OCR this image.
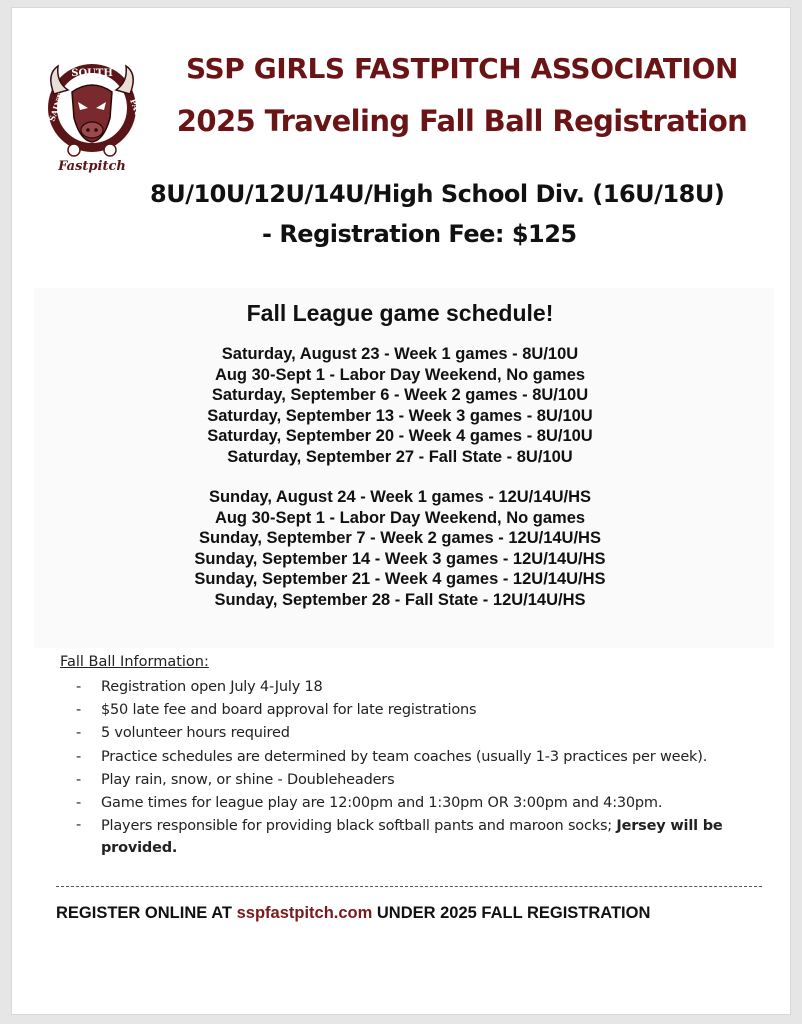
SOUTH
SAINT	PAUL
Fastpitch
SSP GIRLS FASTPITCH ASSOCIATION
2025 Traveling Fall Ball Registration
8U/10U/12U/14U/High School Div. (16U/18U)
- Registration Fee: $125
Fall League game schedule!
Saturday, August 23 - Week 1 games - 8U/10U
Aug 30-Sept 1 - Labor Day Weekend, No games
Saturday, September 6 - Week 2 games - 8U/10U
Saturday, September 13 - Week 3 games - 8U/10U
Saturday, September 20 - Week 4 games - 8U/10U
Saturday, September 27 - Fall State - 8U/10U
Sunday, August 24 - Week 1 games - 12U/14U/HS
Aug 30-Sept 1 - Labor Day Weekend, No games
Sunday, September 7 - Week 2 games - 12U/14U/HS
Sunday, September 14 - Week 3 games - 12U/14U/HS
Sunday, September 21 - Week 4 games - 12U/14U/HS
Sunday, September 28 - Fall State - 12U/14U/HS
Fall Ball Information:
- Registration open July 4-July 18
- $50 late fee and board approval for late registrations
- 5 volunteer hours required
- Practice schedules are determined by team coaches (usually 1-3 practices per week).
- Play rain, snow, or shine - Doubleheaders
- Game times for league play are 12:00pm and 1:30pm OR 3:00pm and 4:30pm.
- Players responsible for providing black softball pants and maroon socks; Jersey will be provided.
REGISTER ONLINE AT sspfastpitch.com UNDER 2025 FALL REGISTRATION
